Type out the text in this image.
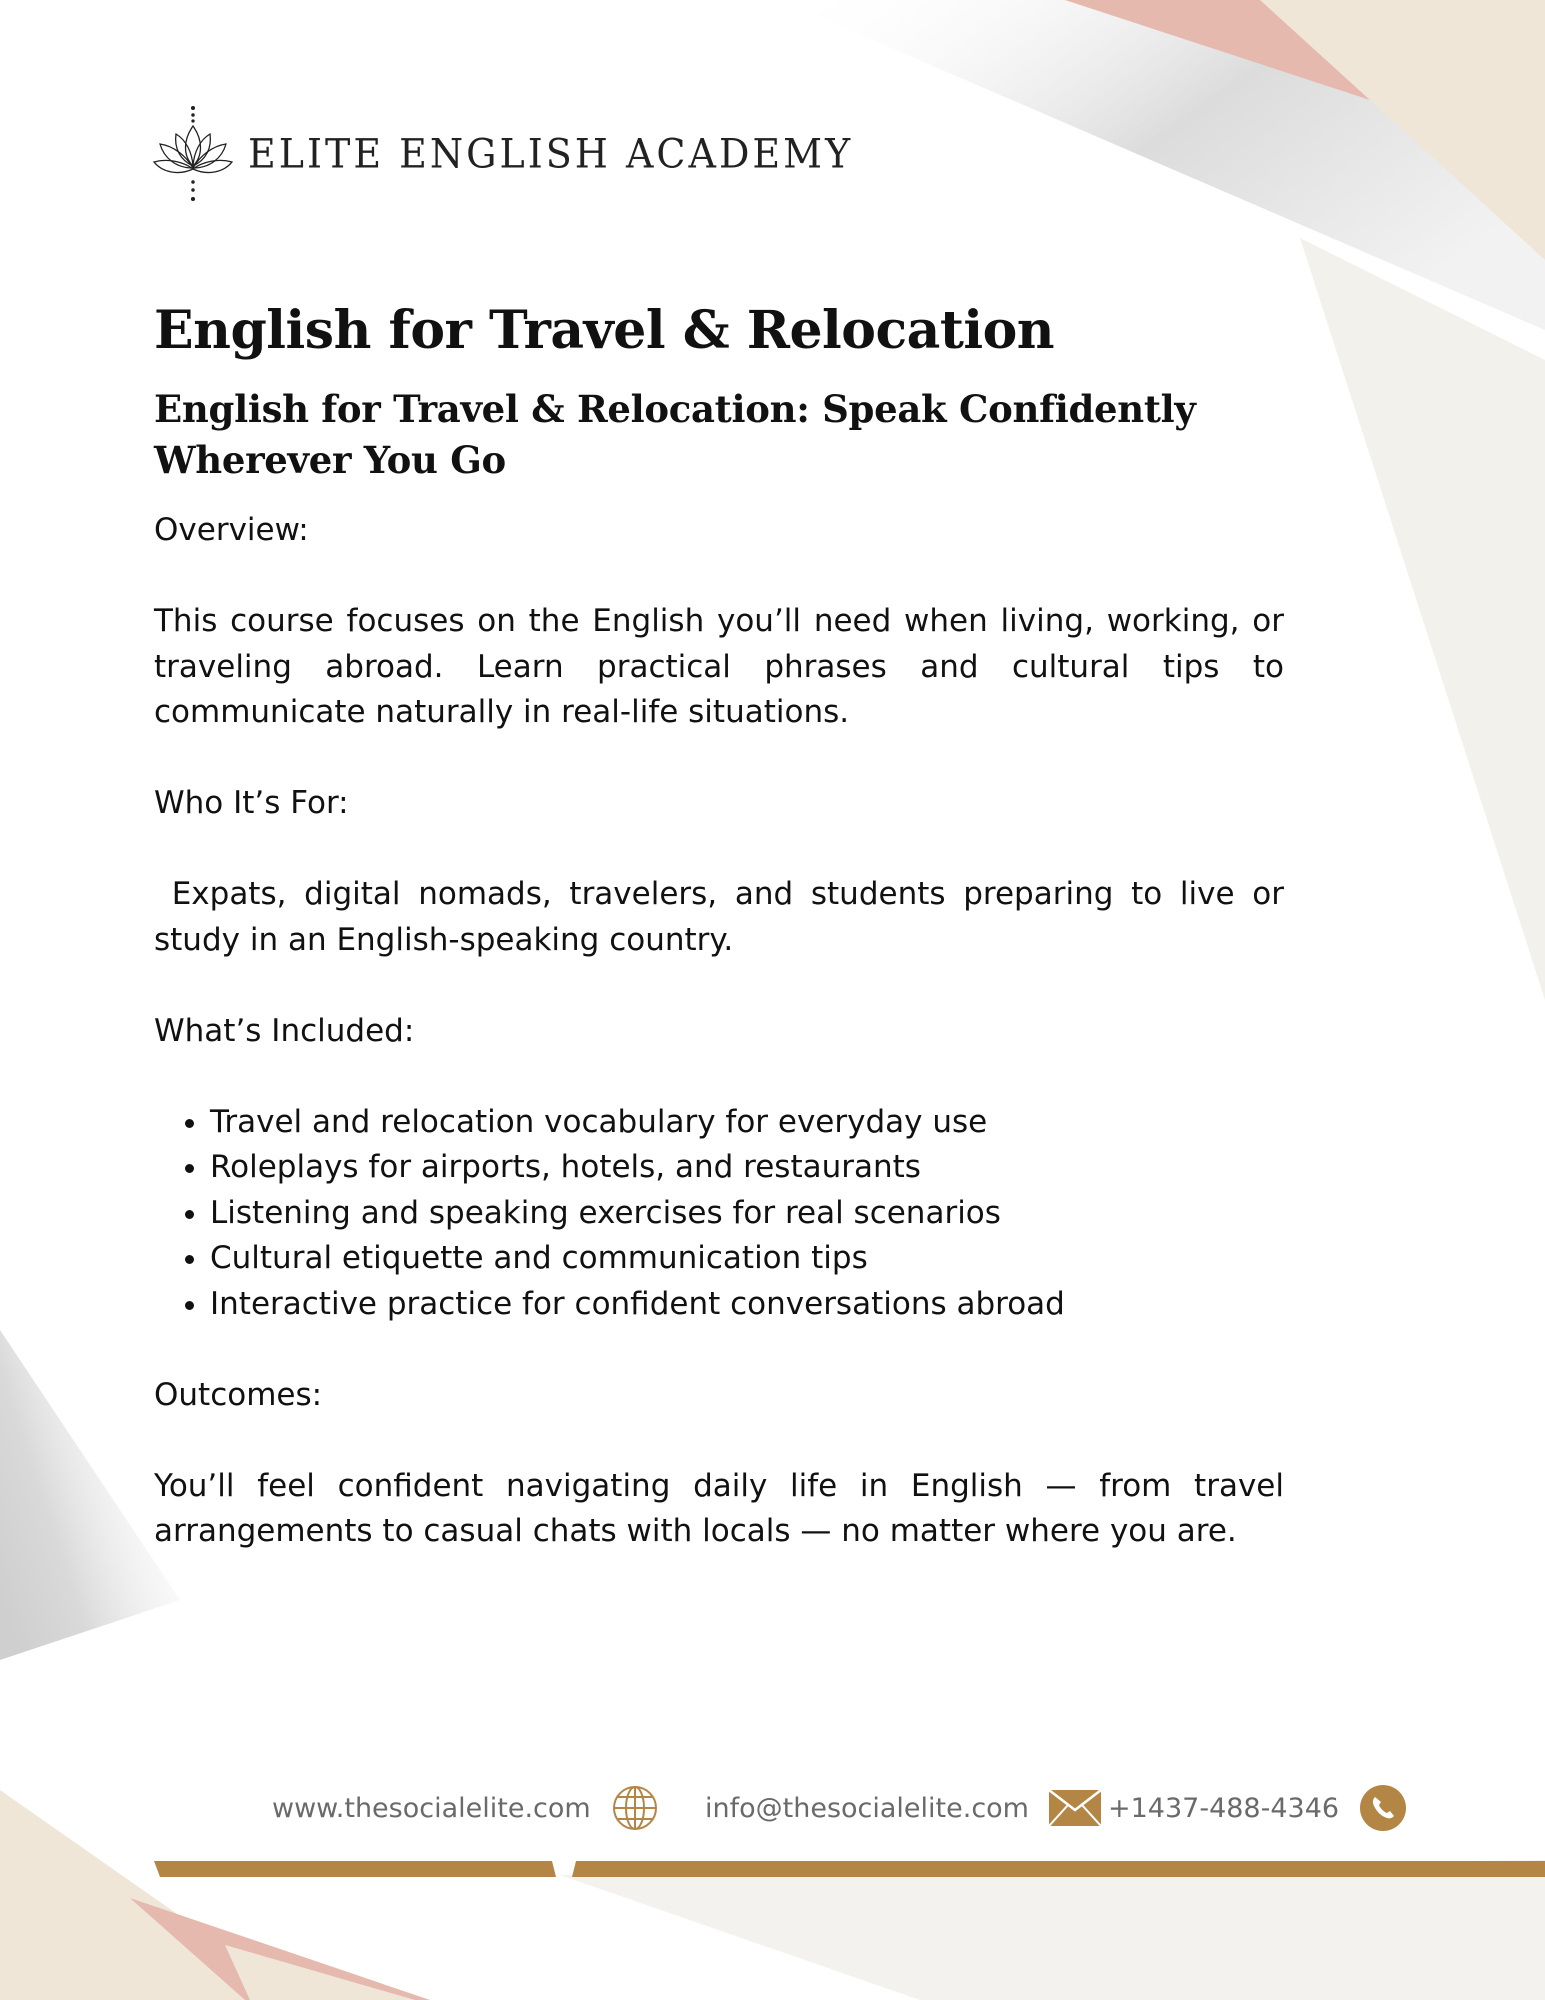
ELITE ENGLISH ACADEMY
English for Travel & Relocation
English for Travel & Relocation: Speak Confidently Wherever You Go

Overview:

This course focuses on the English you’ll need when living, working, or traveling abroad. Learn practical phrases and cultural tips to communicate naturally in real-life situations.

Who It’s For:

Expats, digital nomads, travelers, and students preparing to live or study in an English-speaking country.

What’s Included:

• Travel and relocation vocabulary for everyday use
• Roleplays for airports, hotels, and restaurants
• Listening and speaking exercises for real scenarios
• Cultural etiquette and communication tips
• Interactive practice for confident conversations abroad

Outcomes:

You’ll feel confident navigating daily life in English — from travel arrangements to casual chats with locals — no matter where you are.

www.thesocialelite.com	info@thesocialelite.com	+1437-488-4346
